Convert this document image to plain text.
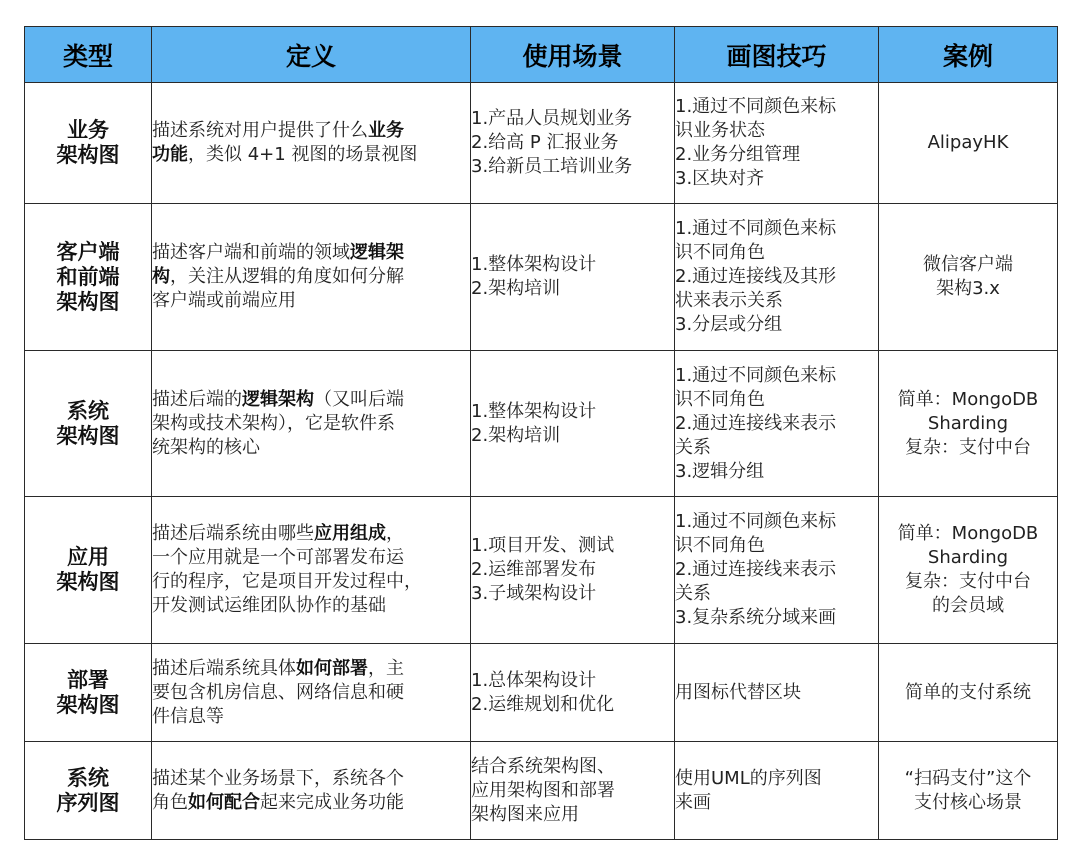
类型	定义	使用场景	画图技巧	案例

业务
架构图	描述系统对用户提供了什么业务
功能，类似 4+1 视图的场景视图	1.产品人员规划业务
2.给高 P 汇报业务
3.给新员工培训业务	1.通过不同颜色来标
识业务状态
2.业务分组管理
3.区块对齐	AlipayHK

客户端
和前端
架构图	描述客户端和前端的领域逻辑架
构，关注从逻辑的角度如何分解
客户端或前端应用	1.整体架构设计
2.架构培训	1.通过不同颜色来标
识不同角色
2.通过连接线及其形
状来表示关系
3.分层或分组	微信客户端
架构3.x

系统
架构图	描述后端的逻辑架构（又叫后端
架构或技术架构），它是软件系
统架构的核心	1.整体架构设计
2.架构培训	1.通过不同颜色来标
识不同角色
2.通过连接线来表示
关系
3.逻辑分组	简单：MongoDB
Sharding
复杂：支付中台

应用
架构图	描述后端系统由哪些应用组成，
一个应用就是一个可部署发布运
行的程序，它是项目开发过程中，
开发测试运维团队协作的基础	1.项目开发、测试
2.运维部署发布
3.子域架构设计	1.通过不同颜色来标
识不同角色
2.通过连接线来表示
关系
3.复杂系统分域来画	简单：MongoDB
Sharding
复杂：支付中台
的会员域

部署
架构图	描述后端系统具体如何部署，主
要包含机房信息、网络信息和硬
件信息等	1.总体架构设计
2.运维规划和优化	用图标代替区块	简单的支付系统

系统
序列图	描述某个业务场景下，系统各个
角色如何配合起来完成业务功能	结合系统架构图、
应用架构图和部署
架构图来应用	使用UML的序列图
来画	“扫码支付”这个
支付核心场景
